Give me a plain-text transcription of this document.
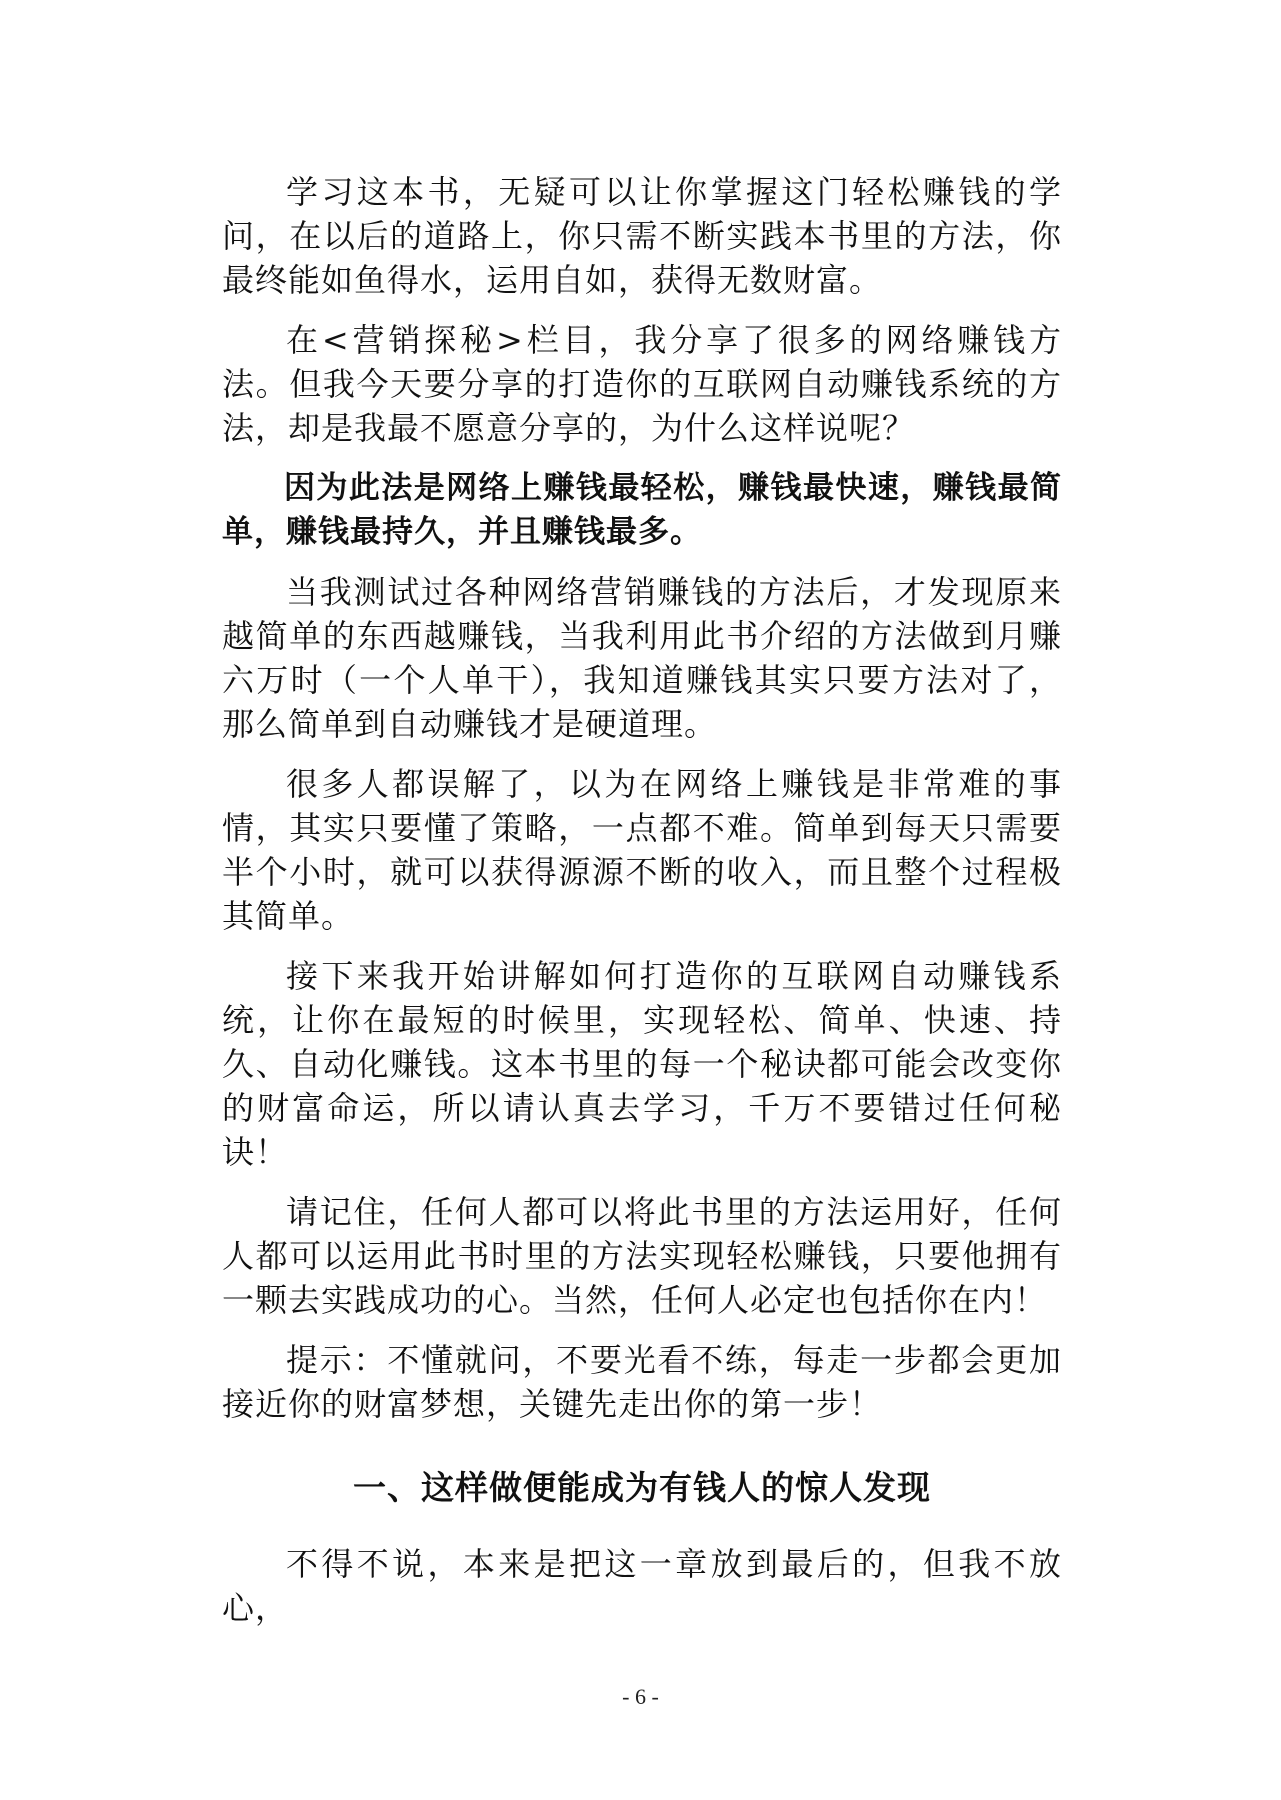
学习这本书，无疑可以让你掌握这门轻松赚钱的学问，在以后的道路上，你只需不断实践本书里的方法，你最终能如鱼得水，运用自如，获得无数财富。

在<营销探秘>栏目，我分享了很多的网络赚钱方法。但我今天要分享的打造你的互联网自动赚钱系统的方法，却是我最不愿意分享的，为什么这样说呢？

因为此法是网络上赚钱最轻松，赚钱最快速，赚钱最简单，赚钱最持久，并且赚钱最多。

当我测试过各种网络营销赚钱的方法后，才发现原来越简单的东西越赚钱，当我利用此书介绍的方法做到月赚六万时（一个人单干），我知道赚钱其实只要方法对了，那么简单到自动赚钱才是硬道理。

很多人都误解了，以为在网络上赚钱是非常难的事情，其实只要懂了策略，一点都不难。简单到每天只需要半个小时，就可以获得源源不断的收入，而且整个过程极其简单。

接下来我开始讲解如何打造你的互联网自动赚钱系统，让你在最短的时候里，实现轻松、简单、快速、持久、自动化赚钱。这本书里的每一个秘诀都可能会改变你的财富命运，所以请认真去学习，千万不要错过任何秘诀！

请记住，任何人都可以将此书里的方法运用好，任何人都可以运用此书时里的方法实现轻松赚钱，只要他拥有一颗去实践成功的心。当然，任何人必定也包括你在内！

提示：不懂就问，不要光看不练，每走一步都会更加接近你的财富梦想，关键先走出你的第一步！

一、这样做便能成为有钱人的惊人发现

不得不说，本来是把这一章放到最后的，但我不放心，

- 6 -
